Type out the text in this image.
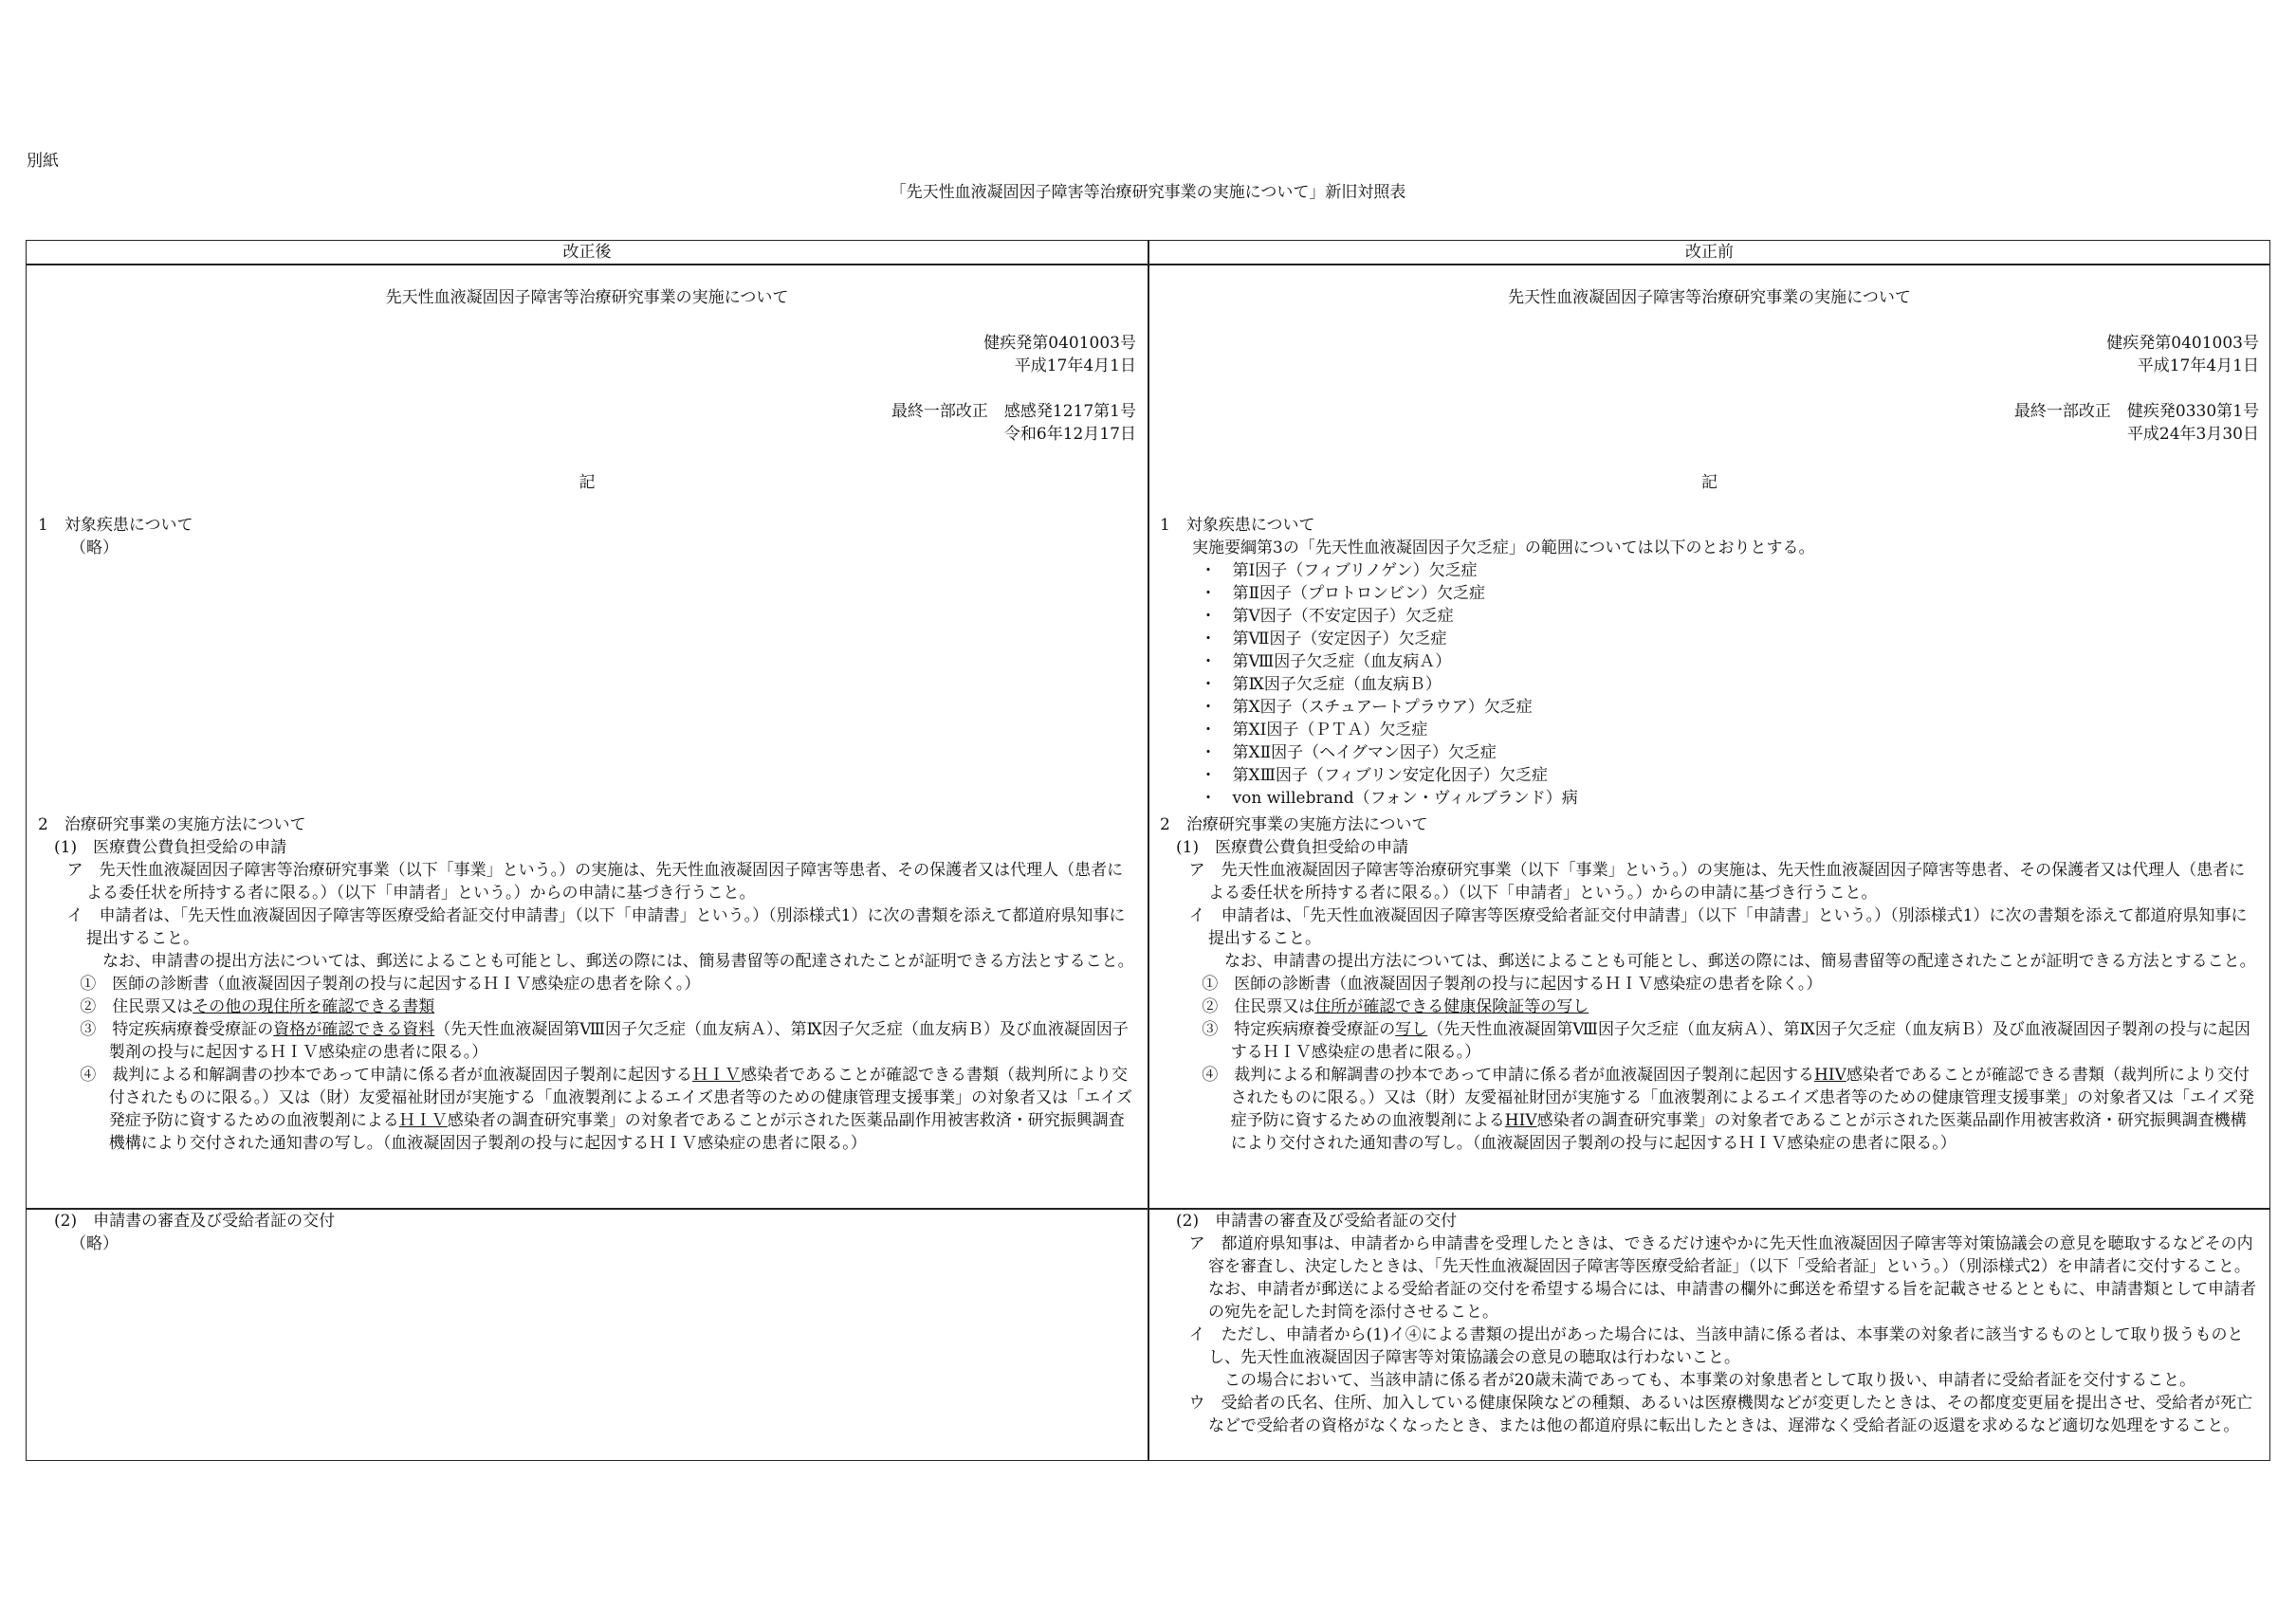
別紙
「先天性血液凝固因子障害等治療研究事業の実施について」新旧対照表
改正後
先天性血液凝固因子障害等治療研究事業の実施について
健疾発第0401003号
平成17年4月1日
最終一部改正　 感感発1217第1号
令和6年12月17日
記
1　対象疾患について
（略）
2　治療研究事業の実施方法について
(1)　医療費公費負担受給の申請
ア　先天性血液凝固因子障害等治療研究事業（以下「事業」という。）の実施は、先天性血液凝固因子障害等患者、その保護者又は代理人（患者による委任状を所持する者に限る。）（以下「申請者」という。）からの申請に基づき行うこと。
イ　申請者は、「先天性血液凝固因子障害等医療受給者証交付申請書」（以下「申請書」という。）（別添様式1）に次の書類を添えて都道府県知事に提出すること。
なお、申請書の提出方法については、郵送によることも可能とし、郵送の際には、簡易書留等の配達されたことが証明できる方法とすること。
①　医師の診断書（血液凝固因子製剤の投与に起因するＨＩＶ感染症の患者を除く。）
②　住民票又はその他の現住所を確認できる書類
③　特定疾病療養受療証の資格が確認できる資料（先天性血液凝固第Ⅷ因子欠乏症（血友病Ａ）、第Ⅸ因子欠乏症（血友病Ｂ）及び血液凝固因子製剤の投与に起因するＨＩＶ感染症の患者に限る。）
④　裁判による和解調書の抄本であって申請に係る者が血液凝固因子製剤に起因するＨＩＶ感染者であることが確認できる書類（裁判所により交付されたものに限る。）又は（財）友愛福祉財団が実施する「血液製剤によるエイズ患者等のための健康管理支援事業」の対象者又は「エイズ発症予防に資するための血液製剤によるＨＩＶ感染者の調査研究事業」の対象者であることが示された医薬品副作用被害救済・研究振興調査機構により交付された通知書の写し。（血液凝固因子製剤の投与に起因するＨＩＶ感染症の患者に限る。）
(2)　申請書の審査及び受給者証の交付
（略）
改正前
先天性血液凝固因子障害等治療研究事業の実施について
健疾発第0401003号
平成17年4月1日
最終一部改正　 健疾発0330第1号
平成24年3月30日
記
1　対象疾患について
実施要綱第3の「先天性血液凝固因子欠乏症」の範囲については以下のとおりとする。
・ 第Ⅰ因子（フィブリノゲン）欠乏症
・ 第Ⅱ因子（プロトロンビン）欠乏症
・ 第Ⅴ因子（不安定因子）欠乏症
・ 第Ⅶ因子（安定因子）欠乏症
・ 第Ⅷ因子欠乏症（血友病Ａ）
・ 第Ⅸ因子欠乏症（血友病Ｂ）
・ 第Ⅹ因子（スチュアートプラウア）欠乏症
・ 第ⅩⅠ因子（ＰＴＡ）欠乏症
・ 第ⅩⅡ因子（ヘイグマン因子）欠乏症
・ 第ⅩⅢ因子（フィブリン安定化因子）欠乏症
・ von willebrand（フォン・ヴィルブランド）病
2　治療研究事業の実施方法について
(1)　医療費公費負担受給の申請
ア　先天性血液凝固因子障害等治療研究事業（以下「事業」という。）の実施は、先天性血液凝固因子障害等患者、その保護者又は代理人（患者による委任状を所持する者に限る。）（以下「申請者」という。）からの申請に基づき行うこと。
イ　申請者は、「先天性血液凝固因子障害等医療受給者証交付申請書」（以下「申請書」という。）（別添様式1）に次の書類を添えて都道府県知事に提出すること。
なお、申請書の提出方法については、郵送によることも可能とし、郵送の際には、簡易書留等の配達されたことが証明できる方法とすること。
①　医師の診断書（血液凝固因子製剤の投与に起因するＨＩＶ感染症の患者を除く。）
②　住民票又は住所が確認できる健康保険証等の写し
③　特定疾病療養受療証の写し（先天性血液凝固第Ⅷ因子欠乏症（血友病Ａ）、第Ⅸ因子欠乏症（血友病Ｂ）及び血液凝固因子製剤の投与に起因するＨＩＶ感染症の患者に限る。）
④　裁判による和解調書の抄本であって申請に係る者が血液凝固因子製剤に起因するHIV感染者であることが確認できる書類（裁判所により交付されたものに限る。）又は（財）友愛福祉財団が実施する「血液製剤によるエイズ患者等のための健康管理支援事業」の対象者又は「エイズ発症予防に資するための血液製剤によるHIV感染者の調査研究事業」の対象者であることが示された医薬品副作用被害救済・研究振興調査機構により交付された通知書の写し。（血液凝固因子製剤の投与に起因するＨＩＶ感染症の患者に限る。）
(2)　申請書の審査及び受給者証の交付
ア　都道府県知事は、申請者から申請書を受理したときは、できるだけ速やかに先天性血液凝固因子障害等対策協議会の意見を聴取するなどその内容を審査し、決定したときは、「先天性血液凝固因子障害等医療受給者証」（以下「受給者証」という。）（別添様式2）を申請者に交付すること。なお、申請者が郵送による受給者証の交付を希望する場合には、申請書の欄外に郵送を希望する旨を記載させるとともに、申請書類として申請者の宛先を記した封筒を添付させること。
イ　ただし、申請者から(1)イ④による書類の提出があった場合には、当該申請に係る者は、本事業の対象者に該当するものとして取り扱うものとし、先天性血液凝固因子障害等対策協議会の意見の聴取は行わないこと。
この場合において、当該申請に係る者が20歳未満であっても、本事業の対象患者として取り扱い、申請者に受給者証を交付すること。
ウ　受給者の氏名、住所、加入している健康保険などの種類、あるいは医療機関などが変更したときは、その都度変更届を提出させ、受給者が死亡などで受給者の資格がなくなったとき、または他の都道府県に転出したときは、遅滞なく受給者証の返還を求めるなど適切な処理をすること。
